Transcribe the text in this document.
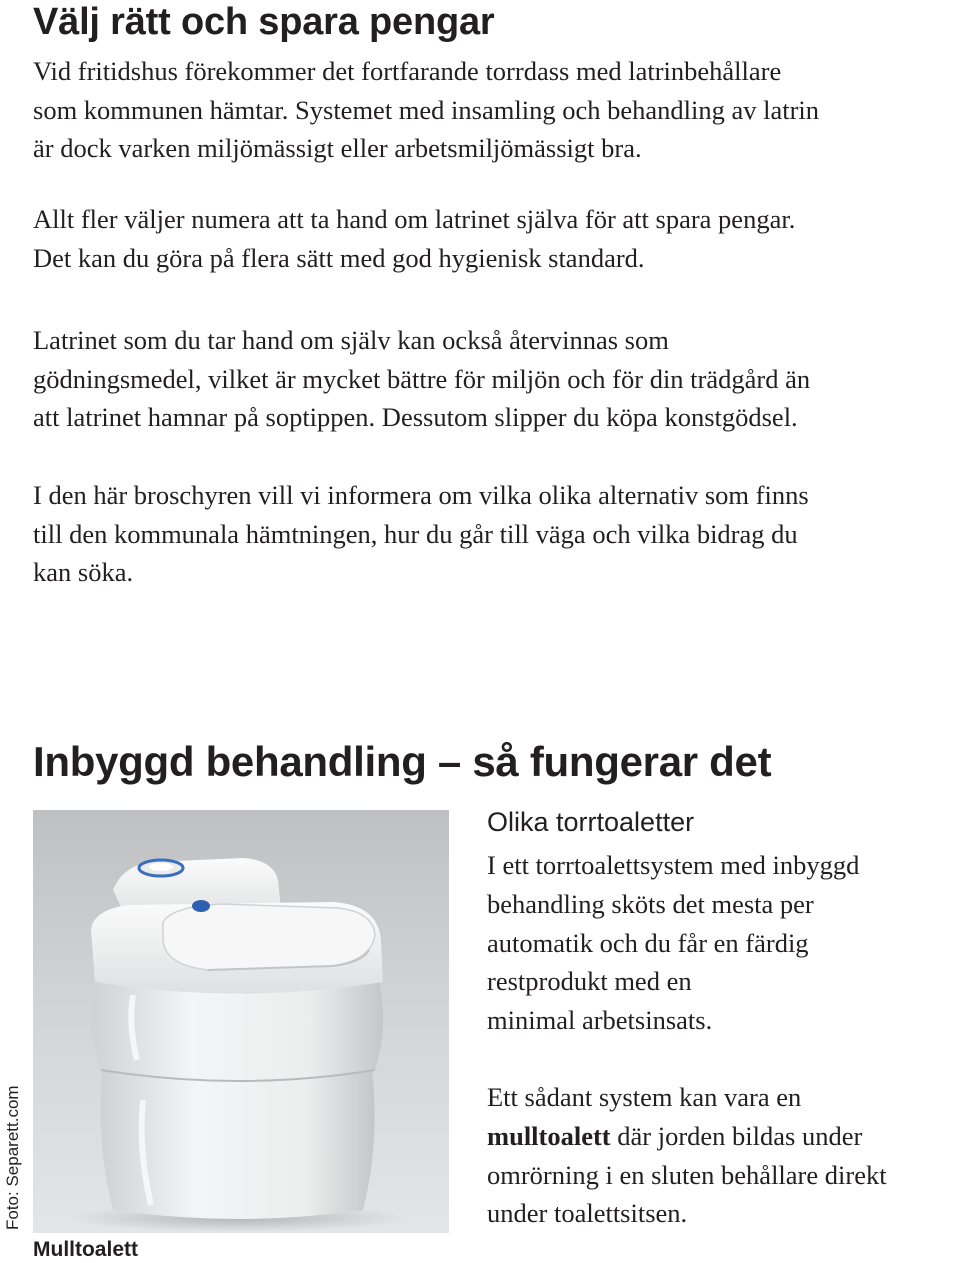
Välj rätt och spara pengar

Vid fritidshus förekommer det fortfarande torrdass med latrinbehållare
som kommunen hämtar. Systemet med insamling och behandling av latrin
är dock varken miljömässigt eller arbetsmiljömässigt bra.

Allt fler väljer numera att ta hand om latrinet själva för att spara pengar.
Det kan du göra på flera sätt med god hygienisk standard.

Latrinet som du tar hand om själv kan också återvinnas som
gödningsmedel, vilket är mycket bättre för miljön och för din trädgård än
att latrinet hamnar på soptippen. Dessutom slipper du köpa konstgödsel.

I den här broschyren vill vi informera om vilka olika alternativ som finns
till den kommunala hämtningen, hur du går till väga och vilka bidrag du
kan söka.

Inbyggd behandling – så fungerar det
Foto: Separett.com
Mulltoalett
Olika torrtoaletter

I ett torrtoalettsystem med inbyggd
behandling sköts det mesta per
automatik och du får en färdig
restprodukt med en
minimal arbetsinsats.

Ett sådant system kan vara en
mulltoalett där jorden bildas under
omrörning i en sluten behållare direkt
under toalettsitsen.
